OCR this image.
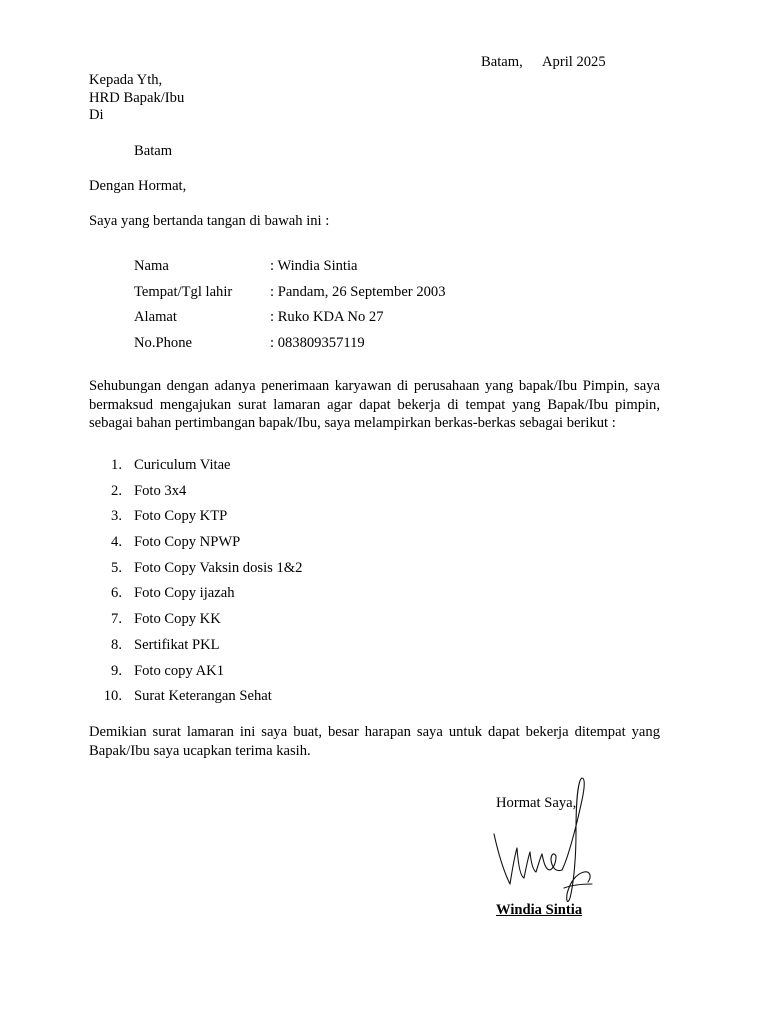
Batam, April 2025
Kepada Yth,
HRD Bapak/Ibu
Di
Batam
Dengan Hormat,
Saya yang bertanda tangan di bawah ini :
Nama	: Windia Sintia
Tempat/Tgl lahir	: Pandam, 26 September 2003
Alamat	: Ruko KDA No 27
No.Phone	: 083809357119
Sehubungan dengan adanya penerimaan karyawan di perusahaan yang bapak/Ibu Pimpin, saya bermaksud mengajukan surat lamaran agar dapat bekerja di tempat yang Bapak/Ibu pimpin, sebagai bahan pertimbangan bapak/Ibu, saya melampirkan berkas-berkas sebagai berikut :
1. Curiculum Vitae
2. Foto 3x4
3. Foto Copy KTP
4. Foto Copy NPWP
5. Foto Copy Vaksin dosis 1&2
6. Foto Copy ijazah
7. Foto Copy KK
8. Sertifikat PKL
9. Foto copy AK1
10. Surat Keterangan Sehat
Demikian surat lamaran ini saya buat, besar harapan saya untuk dapat bekerja ditempat yang Bapak/Ibu saya ucapkan terima kasih.
Hormat Saya,
Windia Sintia
